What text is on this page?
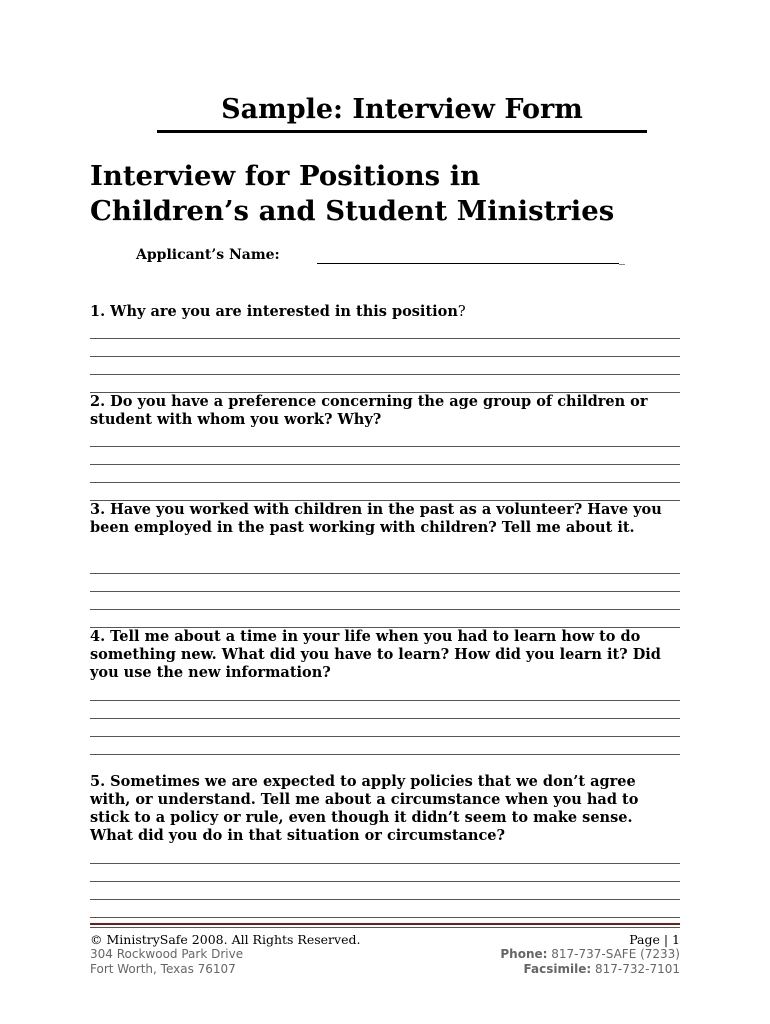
Sample: Interview Form
Interview for Positions in
Children’s and Student Ministries
Applicant’s Name:	_
1. Why are you are interested in this position?
2. Do you have a preference concerning the age group of children or student with whom you work? Why?
3. Have you worked with children in the past as a volunteer? Have you been employed in the past working with children? Tell me about it.
4. Tell me about a time in your life when you had to learn how to do something new. What did you have to learn? How did you learn it? Did you use the new information?
5. Sometimes we are expected to apply policies that we don’t agree with, or understand. Tell me about a circumstance when you had to stick to a policy or rule, even though it didn’t seem to make sense. What did you do in that situation or circumstance?
© MinistrySafe 2008. All Rights Reserved.
304 Rockwood Park Drive
Fort Worth, Texas 76107
Page | 1
Phone: 817-737-SAFE (7233)
Facsimile: 817-732-7101
